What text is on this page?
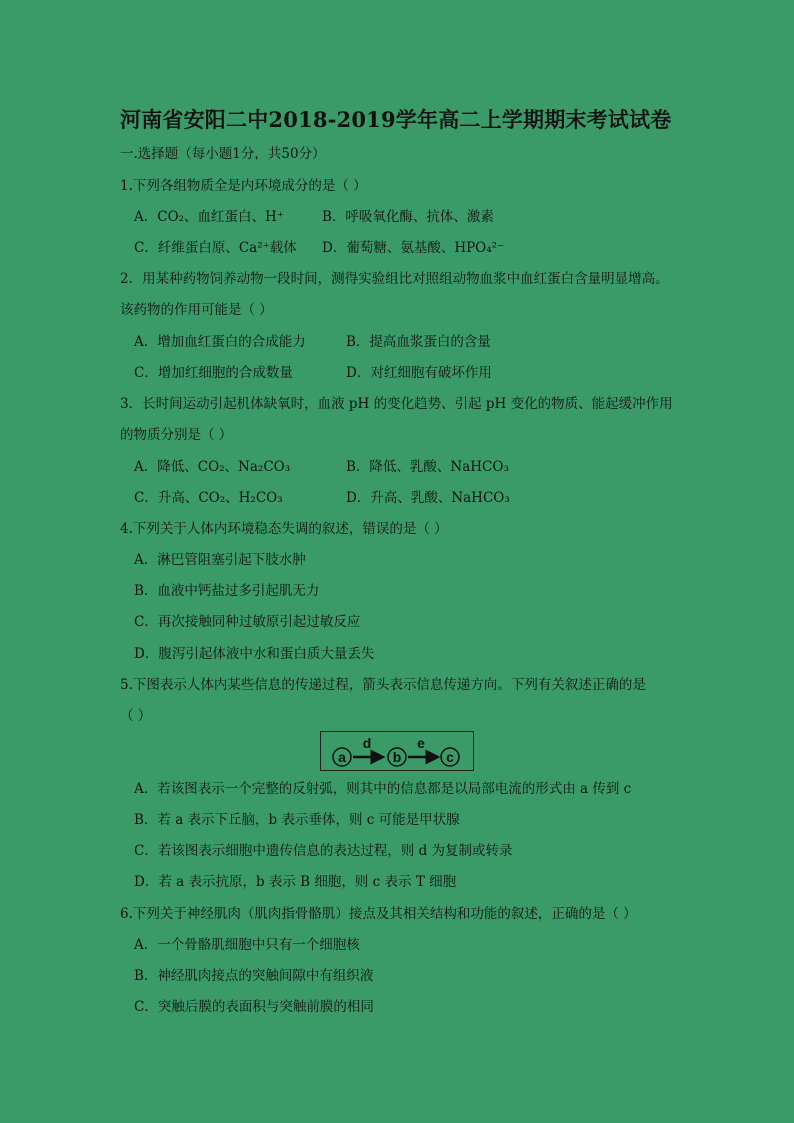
河南省安阳二中2018-2019学年高二上学期期末考试试卷
一.选择题（每小题1分，共50分）
1.下列各组物质全是内环境成分的是（ ）
A．CO₂、血红蛋白、H⁺	B．呼吸氧化酶、抗体、激素
C．纤维蛋白原、Ca²⁺载体 D．葡萄糖、氨基酸、HPO₄²⁻
2．用某种药物饲养动物一段时间，测得实验组比对照组动物血浆中血红蛋白含量明显增高。
该药物的作用可能是（ ）
A．增加血红蛋白的合成能力	B．提高血浆蛋白的含量
C．增加红细胞的合成数量	D．对红细胞有破坏作用
3．长时间运动引起机体缺氧时，血液 pH 的变化趋势、引起 pH 变化的物质、能起缓冲作用
的物质分别是（ ）
A．降低、CO₂、Na₂CO₃	B．降低、乳酸、NaHCO₃
C．升高、CO₂、H₂CO₃	D．升高、乳酸、NaHCO₃
4.下列关于人体内环境稳态失调的叙述，错误的是（ ）
A．淋巴管阻塞引起下肢水肿
B．血液中钙盐过多引起肌无力
C．再次接触同种过敏原引起过敏反应
D．腹泻引起体液中水和蛋白质大量丢失
5.下图表示人体内某些信息的传递过程，箭头表示信息传递方向。下列有关叙述正确的是
（ ）
a
d
b
e
c
A．若该图表示一个完整的反射弧，则其中的信息都是以局部电流的形式由 a 传到 c
B．若 a 表示下丘脑，b 表示垂体，则 c 可能是甲状腺
C．若该图表示细胞中遗传信息的表达过程，则 d 为复制或转录
D．若 a 表示抗原，b 表示 B 细胞，则 c 表示 T 细胞
6.下列关于神经肌肉（肌肉指骨骼肌）接点及其相关结构和功能的叙述，正确的是（ ）
A．一个骨骼肌细胞中只有一个细胞核
B．神经肌肉接点的突触间隙中有组织液
C．突触后膜的表面积与突触前膜的相同
